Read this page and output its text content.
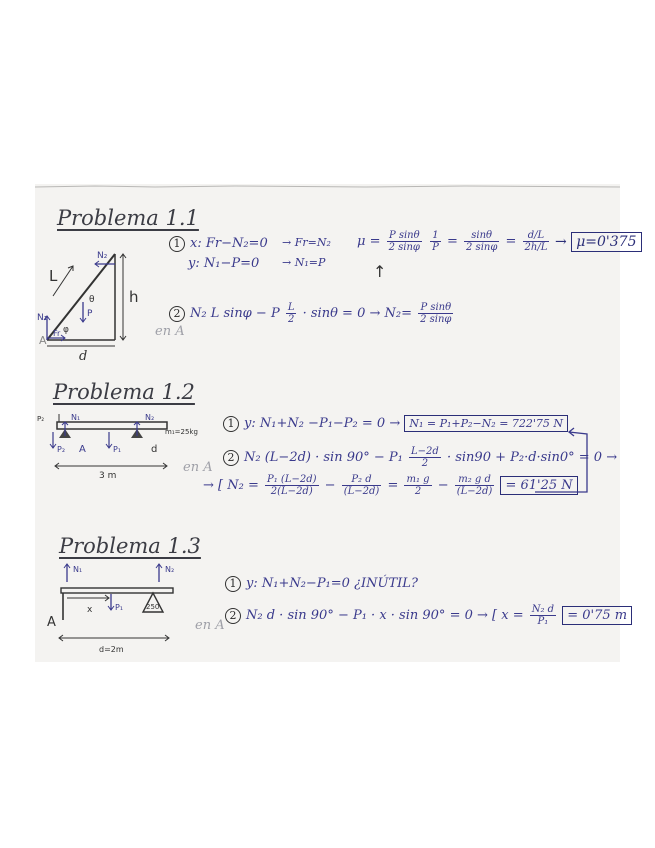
Problema 1.1
L
h
N₂
P
θ
φ
N₁
Fr
A
d

1 x: Fr−N₂=0

y: N₁−P=0

→ Fr=N₂

→ N₁=P

$\mu = \frac{\text{P sinθ}}{2 \sin\varphi}$
$\frac{1}{P} = \frac{\sin\theta}{2 \sin\varphi} = \frac{d/L}{2h/L} \to \mu=0'375$

↑

2 N₂ L sinφ − P $\frac{L}{2} \cdot \sin\theta = 0 \to N_2= \frac{\text{P sinθ}}{2 \sin\varphi}$

en A

Problema 1.2
P₂	N₁	N₂
m₁=25kg
P₂ A	P₁	d
3 m

1 y: N₁+N₂ −P₁−P₂ = 0 → N₁ = P₁+P₂−N₂ = 722'75 N

2 N₂ $(L-2d) \cdot \sin 90^\circ - P_1 \frac{L-2d}{2} \cdot \sin 90 + P_2\cdot d\cdot\sin 0^\circ = 0$ →

en A

→ [ $N_2 = \frac{\text{P₁ (L−2d)}}{2(L-2d)} - \frac{\text{P₂ d}}{(L-2d)} = \frac{\text{m₁ g}}{2} - \frac{\text{m₂ g d}}{(L-2d)} = 61'25$ N

Problema 1.3
250
N₁	N₂
x	P₁
A
d=2m

1 y: N₁+N₂−P₁=0 ¿INÚTIL?

2 N₂ d · sin 90° − P₁ · x · sin 90° = 0 → [ $x = \frac{\text{N₂ d}}{\text{P₁}} = 0'75$ m

en A
